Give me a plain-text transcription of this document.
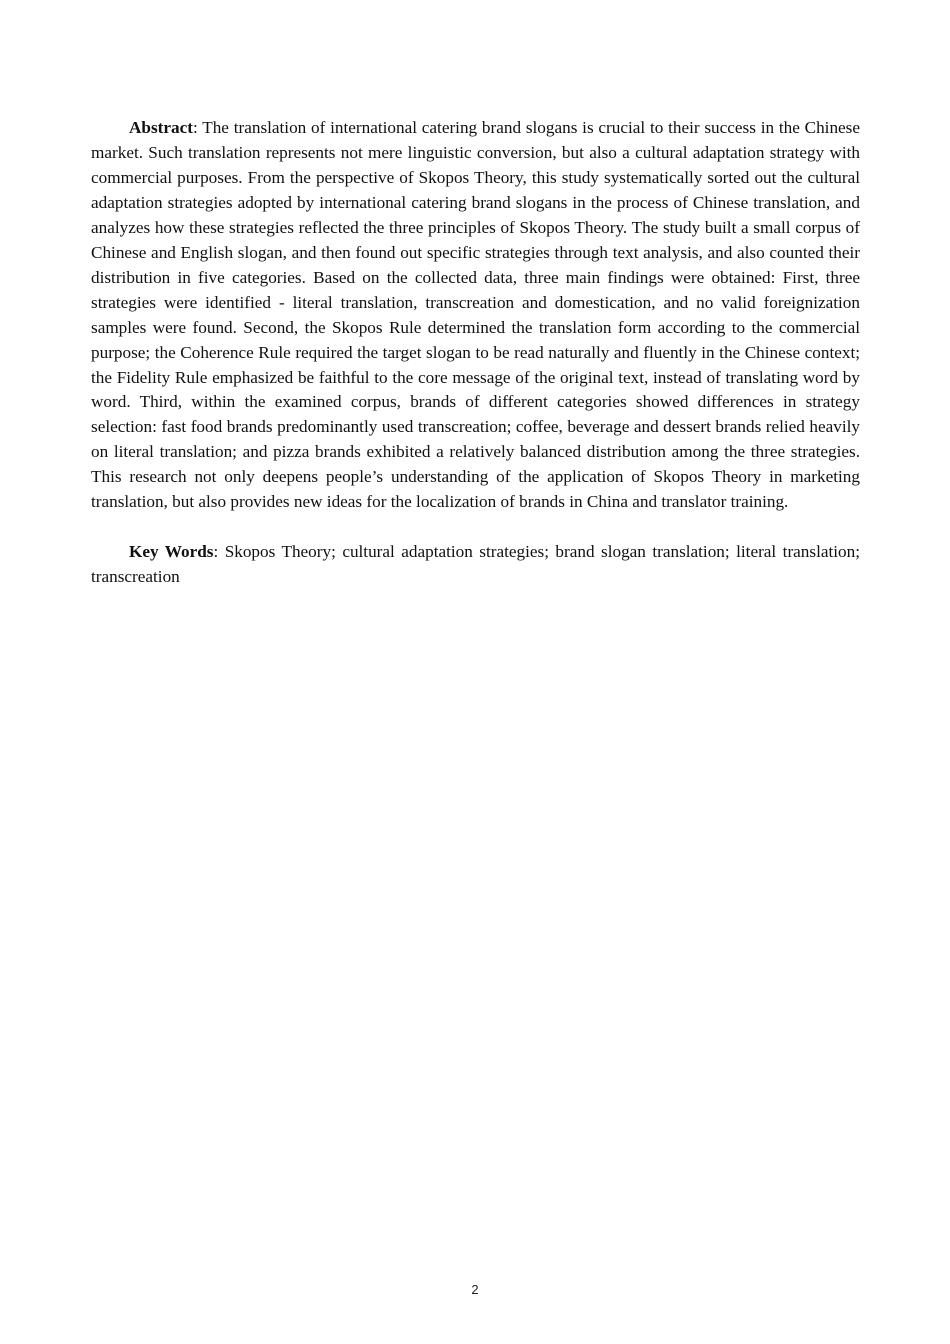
Abstract: The translation of international catering brand slogans is crucial to their success in the Chinese market. Such translation represents not mere linguistic conversion, but also a cultural adaptation strategy with commercial purposes. From the perspective of Skopos Theory, this study systematically sorted out the cultural adaptation strategies adopted by international catering brand slogans in the process of Chinese translation, and analyzes how these strategies reflected the three principles of Skopos Theory. The study built a small corpus of Chinese and English slogan, and then found out specific strategies through text analysis, and also counted their distribution in five categories. Based on the collected data, three main findings were obtained: First, three strategies were identified - literal translation, transcreation and domestication, and no valid foreignization samples were found. Second, the Skopos Rule determined the translation form according to the commercial purpose; the Coherence Rule required the target slogan to be read naturally and fluently in the Chinese context; the Fidelity Rule emphasized be faithful to the core message of the original text, instead of translating word by word. Third, within the examined corpus, brands of different categories showed differences in strategy selection: fast food brands predominantly used transcreation; coffee, beverage and dessert brands relied heavily on literal translation; and pizza brands exhibited a relatively balanced distribution among the three strategies. This research not only deepens people’s understanding of the application of Skopos Theory in marketing translation, but also provides new ideas for the localization of brands in China and translator training.

Key Words: Skopos Theory; cultural adaptation strategies; brand slogan translation; literal translation; transcreation

2
